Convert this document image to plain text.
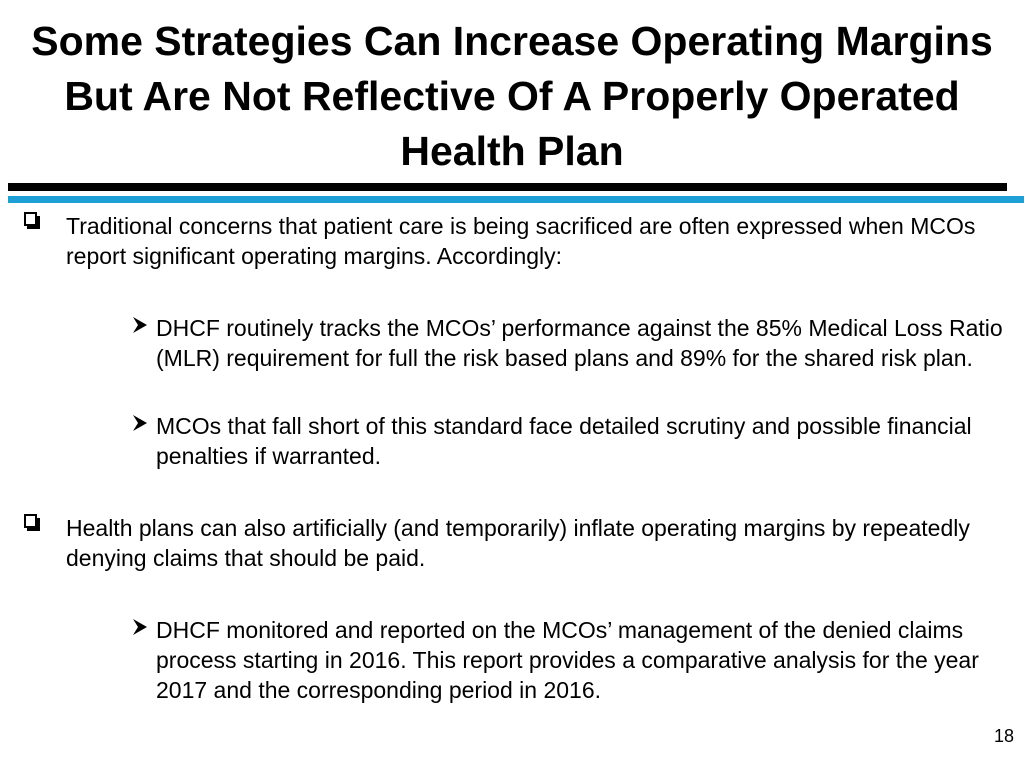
Some Strategies Can Increase Operating Margins But Are Not Reflective Of A Properly Operated Health Plan
Traditional concerns that patient care is being sacrificed are often expressed when MCOs report significant operating margins. Accordingly:
DHCF routinely tracks the MCOs’ performance against the 85% Medical Loss Ratio (MLR) requirement for full the risk based plans and 89% for the shared risk plan.
MCOs that fall short of this standard face detailed scrutiny and possible financial penalties if warranted.
Health plans can also artificially (and temporarily) inflate operating margins by repeatedly denying claims that should be paid.
DHCF monitored and reported on the MCOs’ management of the denied claims process starting in 2016. This report provides a comparative analysis for the year 2017 and the corresponding period in 2016.
18
